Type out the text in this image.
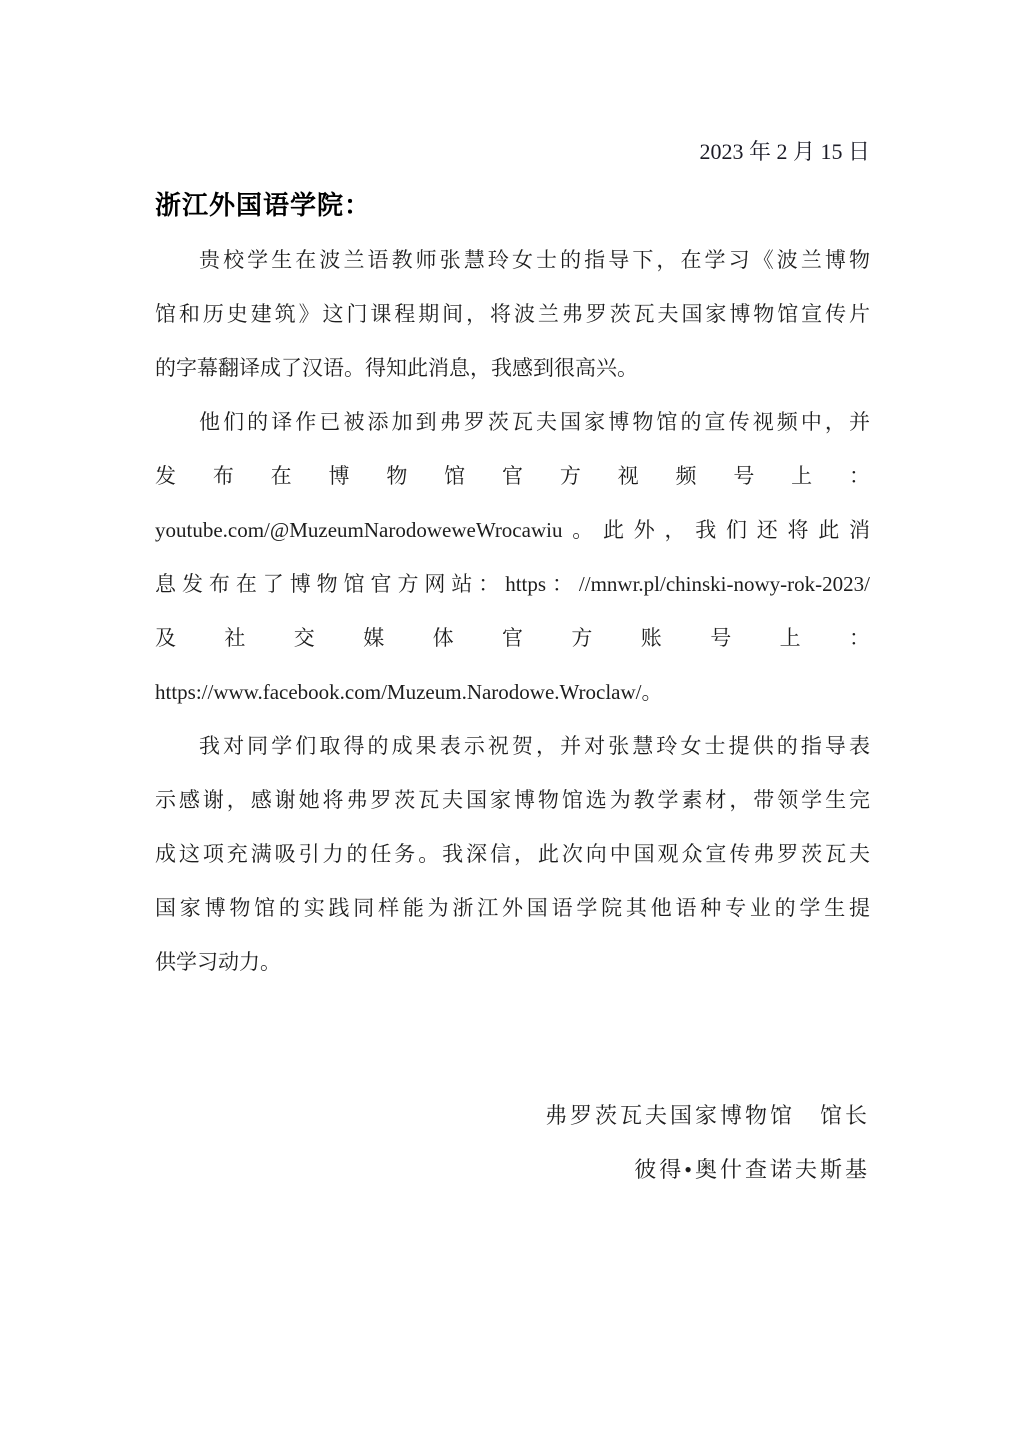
2023 年 2 月 15 日
浙江外国语学院：
贵校学生在波兰语教师张慧玲女士的指导下，在学习《波兰博物
馆和历史建筑》这门课程期间，将波兰弗罗茨瓦夫国家博物馆宣传片
的字幕翻译成了汉语。得知此消息，我感到很高兴。
他们的译作已被添加到弗罗茨瓦夫国家博物馆的宣传视频中，并
发布在博物馆官方视频号上：
youtube.com/@MuzeumNarodoweweWrocawiu。此外，我们还将此消
息发布在了博物馆官方网站：https：//mnwr.pl/chinski-nowy-rok-2023/
及社交媒体官方账号上：
https://www.facebook.com/Muzeum.Narodowe.Wroclaw/。
我对同学们取得的成果表示祝贺，并对张慧玲女士提供的指导表
示感谢，感谢她将弗罗茨瓦夫国家博物馆选为教学素材，带领学生完
成这项充满吸引力的任务。我深信，此次向中国观众宣传弗罗茨瓦夫
国家博物馆的实践同样能为浙江外国语学院其他语种专业的学生提
供学习动力。
弗罗茨瓦夫国家博物馆　馆长
彼得•奥什查诺夫斯基
